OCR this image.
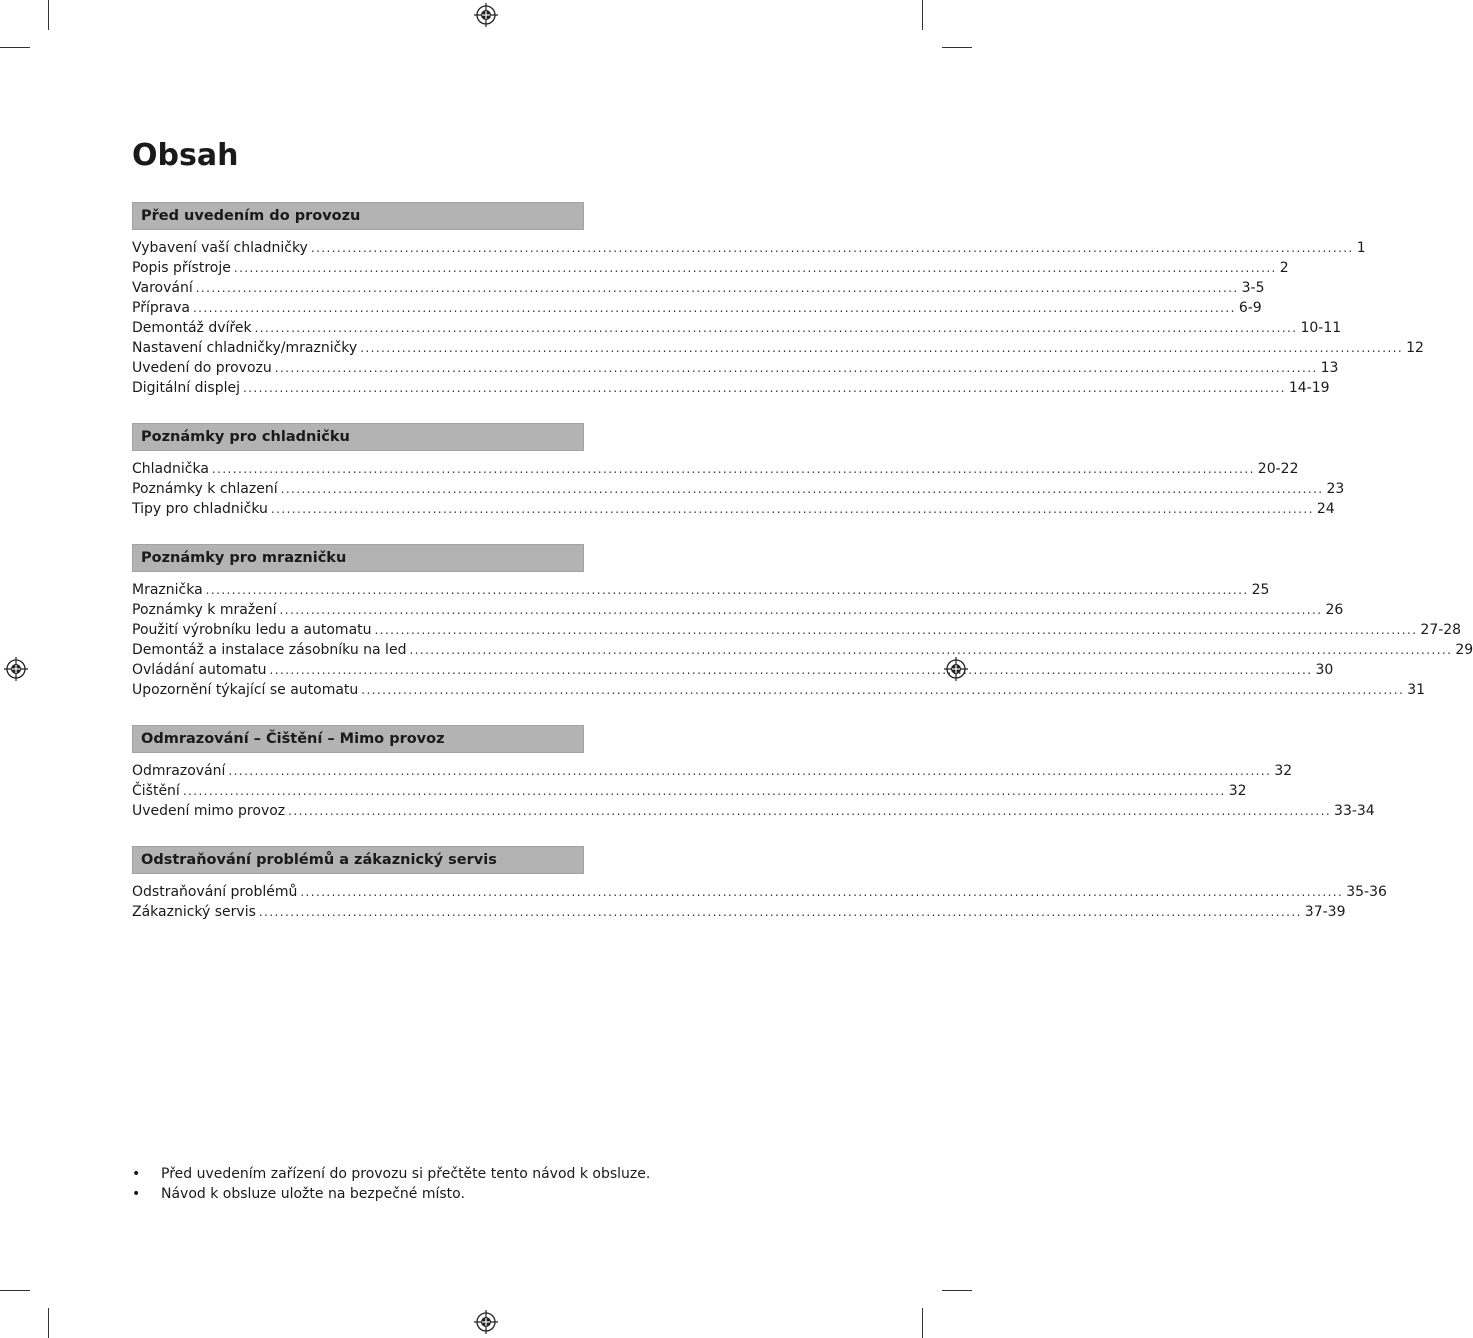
Obsah
Před uvedením do provozu
Vybavení vaší chladničky ........................................................................................................................................................................................................ 1
Popis přístroje ........................................................................................................................................................................................................ 2
Varování ........................................................................................................................................................................................................ 3-5
Příprava ........................................................................................................................................................................................................ 6-9
Demontáž dvířek ........................................................................................................................................................................................................ 10-11
Nastavení chladničky/mrazničky ........................................................................................................................................................................................................ 12
Uvedení do provozu ........................................................................................................................................................................................................ 13
Digitální displej ........................................................................................................................................................................................................ 14-19
Poznámky pro chladničku
Chladnička ........................................................................................................................................................................................................ 20-22
Poznámky k chlazení ........................................................................................................................................................................................................ 23
Tipy pro chladničku ........................................................................................................................................................................................................ 24
Poznámky pro mrazničku
Mraznička ........................................................................................................................................................................................................ 25
Poznámky k mražení ........................................................................................................................................................................................................ 26
Použití výrobníku ledu a automatu ........................................................................................................................................................................................................ 27-28
Demontáž a instalace zásobníku na led ........................................................................................................................................................................................................ 29
Ovládání automatu ........................................................................................................................................................................................................ 30
Upozornění týkající se automatu ........................................................................................................................................................................................................ 31
Odmrazování – Čištění – Mimo provoz
Odmrazování ........................................................................................................................................................................................................ 32
Čištění ........................................................................................................................................................................................................ 32
Uvedení mimo provoz ........................................................................................................................................................................................................ 33-34
Odstraňování problémů a zákaznický servis
Odstraňování problémů ........................................................................................................................................................................................................ 35-36
Zákaznický servis ........................................................................................................................................................................................................ 37-39
•	Před uvedením zařízení do provozu si přečtěte tento návod k obsluze.
•	Návod k obsluze uložte na bezpečné místo.
